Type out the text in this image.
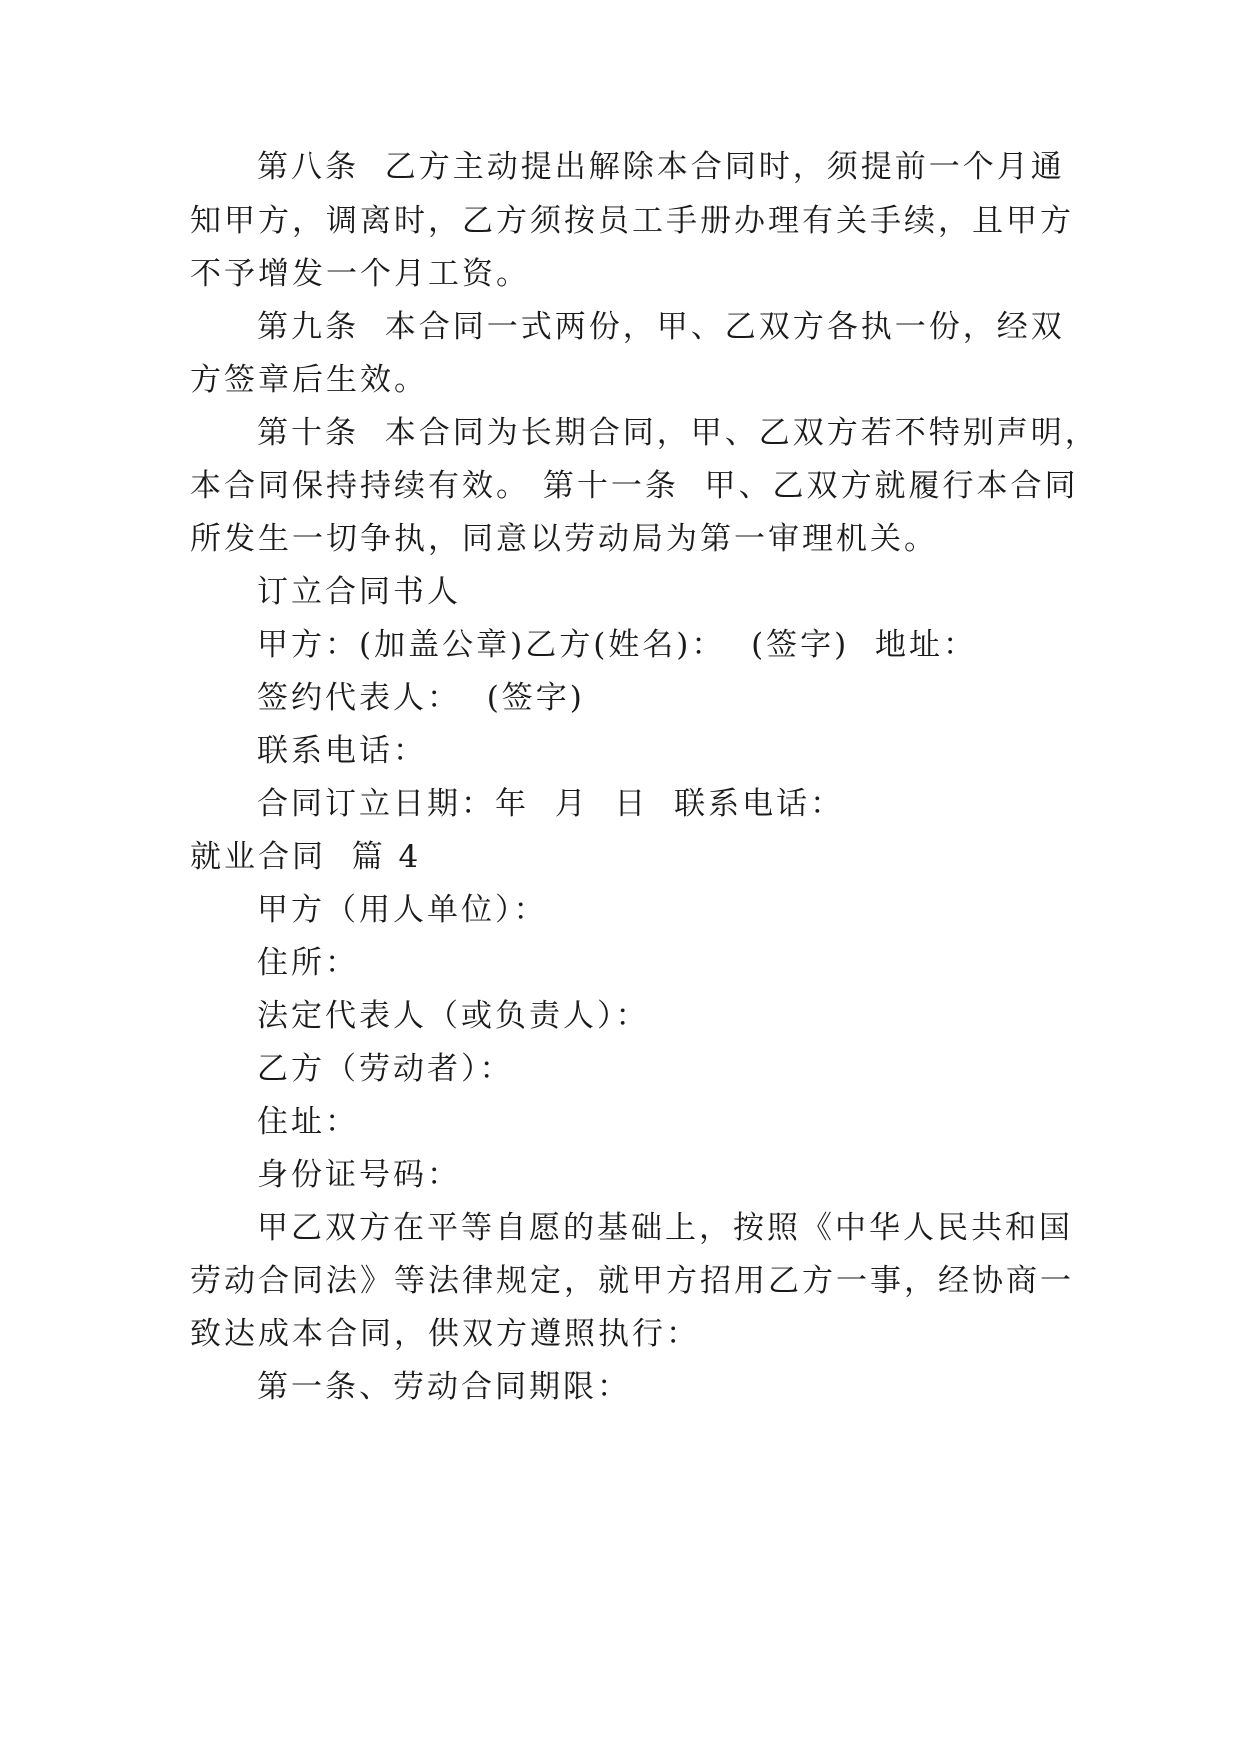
第八条  乙方主动提出解除本合同时，须提前一个月通
知甲方，调离时，乙方须按员工手册办理有关手续，且甲方
不予增发一个月工资。
第九条  本合同一式两份，甲、乙双方各执一份，经双
方签章后生效。
第十条  本合同为长期合同，甲、乙双方若不特别声明，
本合同保持持续有效。 第十一条  甲、乙双方就履行本合同
所发生一切争执，同意以劳动局为第一审理机关。
订立合同书人
甲方：(加盖公章)乙方(姓名)：  (签字)  地址：
签约代表人：  (签字)
联系电话：
合同订立日期：年  月  日  联系电话：
就业合同  篇 4
甲方（用人单位）：
住所：
法定代表人（或负责人）：
乙方（劳动者）：
住址：
身份证号码：
甲乙双方在平等自愿的基础上，按照《中华人民共和国
劳动合同法》等法律规定，就甲方招用乙方一事，经协商一
致达成本合同，供双方遵照执行：
第一条、劳动合同期限：
